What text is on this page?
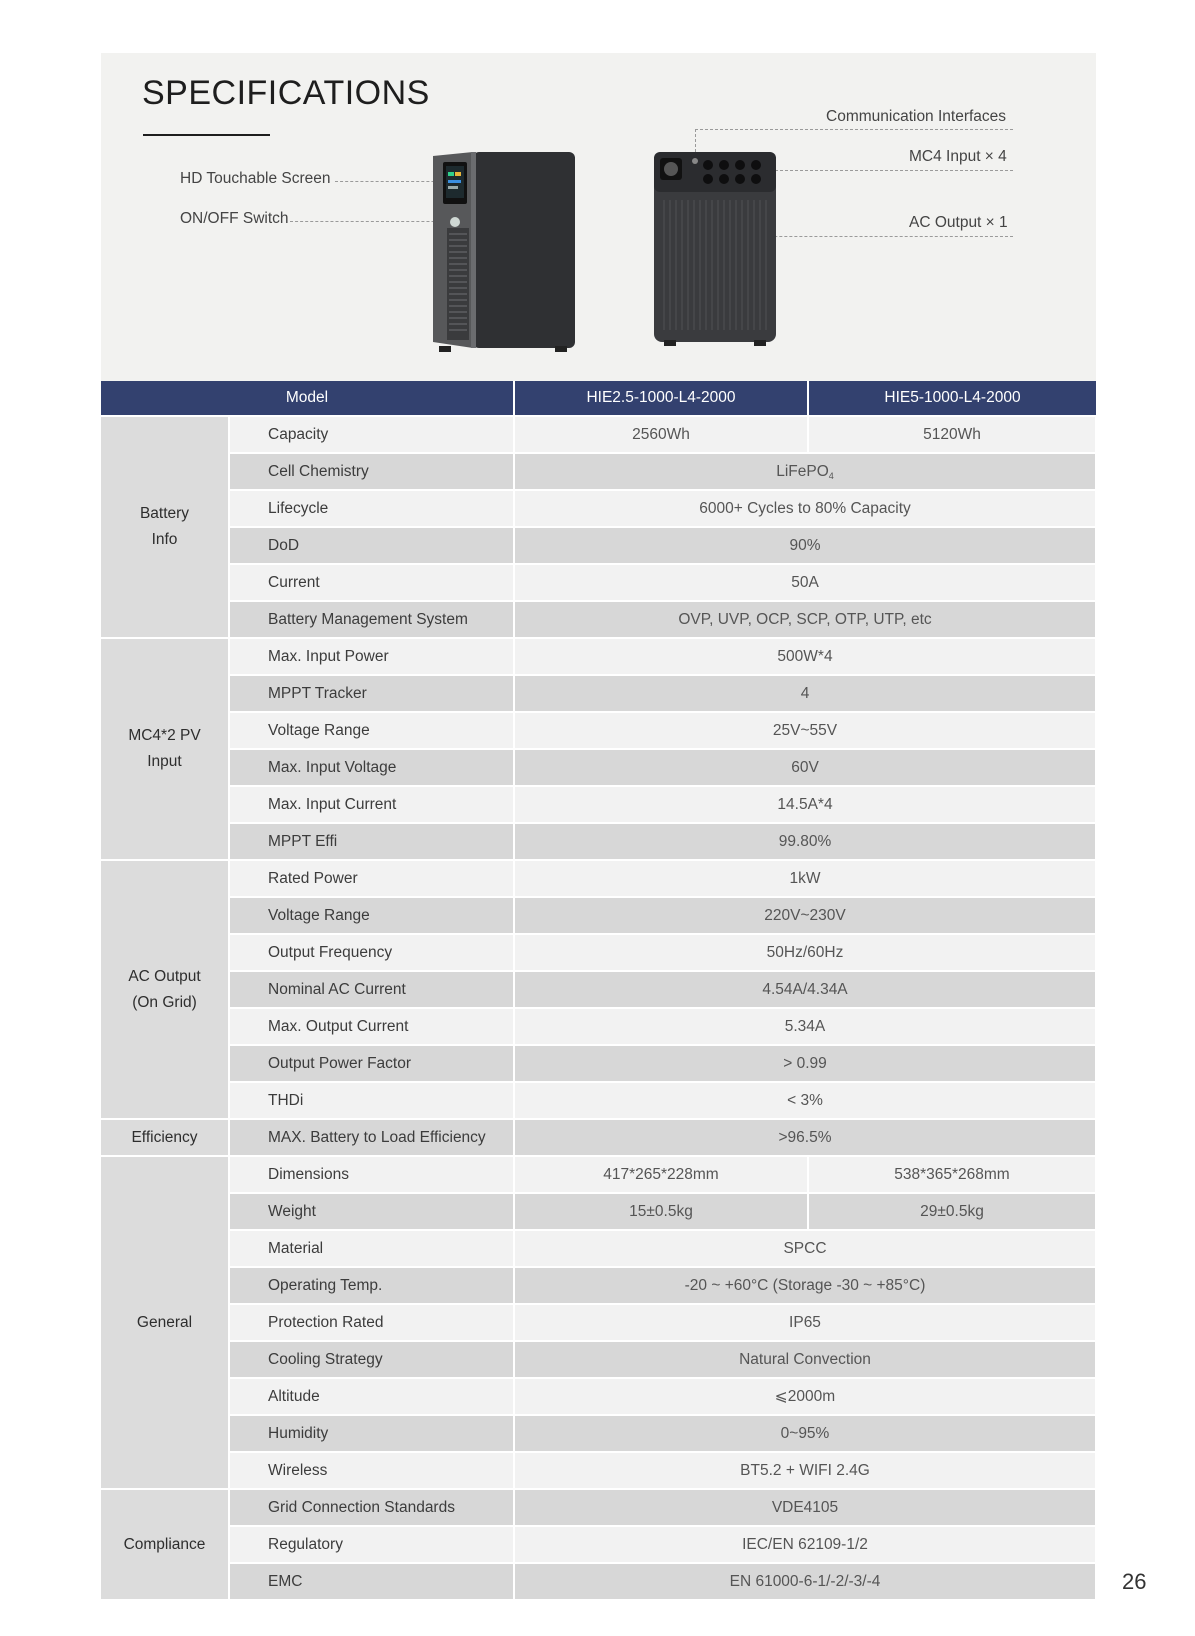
SPECIFICATIONS
HD Touchable Screen
ON/OFF Switch
Communication Interfaces
MC4 Input × 4
AC Output × 1
Model		HIE2.5-1000-L4-2000	HIE5-1000-L4-2000

Battery Info	Capacity	2560Wh	5120Wh
	Cell Chemistry	LiFePO$_4$
	Lifecycle	6000+ Cycles to 80% Capacity	
	DoD	90%	
	Current	50A	
	Battery Management System	OVP, UVP, OCP, SCP, OTP, UTP, etc	

MC4*2 PV Input	Max. Input Power	500W*4	
	MPPT Tracker	4	
	Voltage Range	25V~55V	
	Max. Input Voltage	60V	
	Max. Input Current	14.5A*4	
	MPPT Effi	99.80%	

AC Output (On Grid)	Rated Power	1kW	
	Voltage Range	220V~230V	
	Output Frequency	50Hz/60Hz	
	Nominal AC Current	4.54A/4.34A	
	Max. Output Current	5.34A	
	Output Power Factor	> 0.99	
	THDi	< 3%	
Efficiency	MAX. Battery to Load Efficiency	>96.5%	
General	Dimensions	417*265*228mm	538*365*268mm
	Weight	15±0.5kg	29±0.5kg
	Material	SPCC	
	Operating Temp.	-20 ~ +60°C (Storage -30 ~ +85°C)	
	Protection Rated	IP65	
	Cooling Strategy	Natural Convection	
	Altitude	⩽2000m	
	Humidity	0~95%	
	Wireless	BT5.2 + WIFI 2.4G	
Compliance	Grid Connection Standards	VDE4105	
	Regulatory	IEC/EN 62109-1/2	
	EMC	EN 61000-6-1/-2/-3/-4		26
